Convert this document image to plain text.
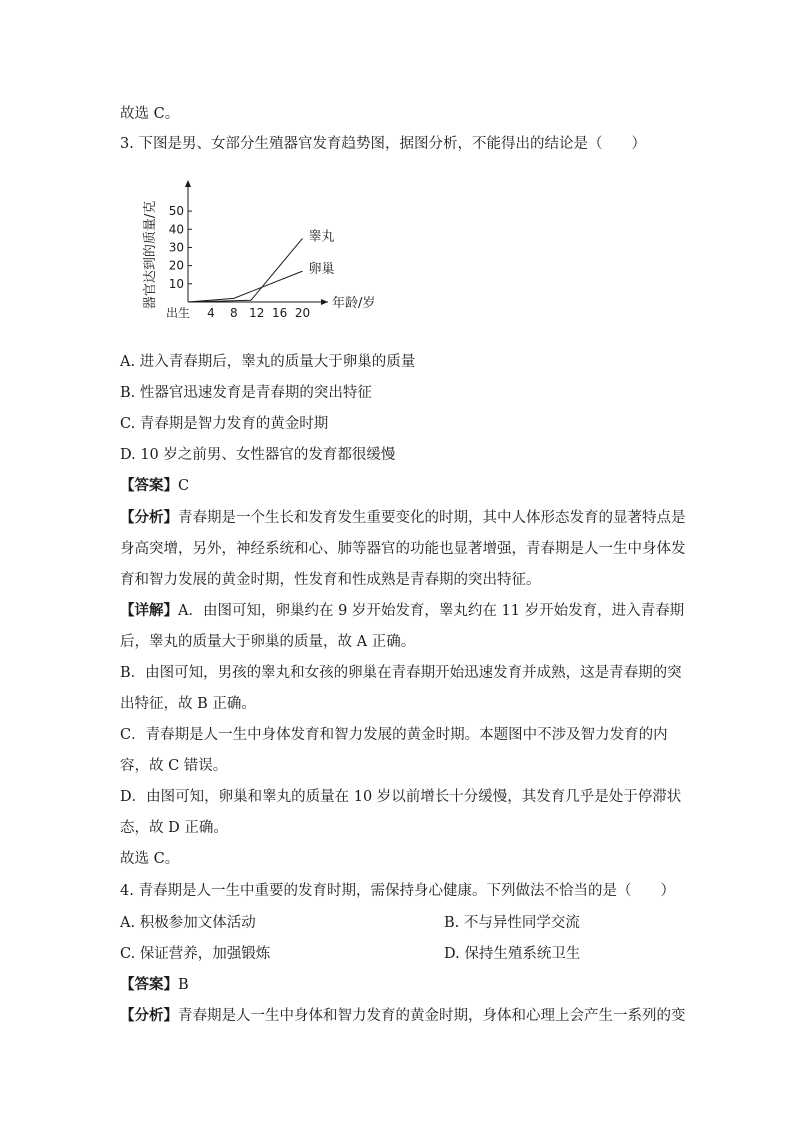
故选 C。
3. 下图是男、女部分生殖器官发育趋势图，据图分析，不能得出的结论是（　　）
10
20
30
40
50
出生 4 8 12 16 20
器官达到的质量/克	年龄/岁
睾丸
卵巢
A. 进入青春期后，睾丸的质量大于卵巢的质量
B. 性器官迅速发育是青春期的突出特征
C. 青春期是智力发育的黄金时期
D. 10 岁之前男、女性器官的发育都很缓慢
【答案】C
【分析】青春期是一个生长和发育发生重要变化的时期，其中人体形态发育的显著特点是
身高突增，另外，神经系统和心、肺等器官的功能也显著增强，青春期是人一生中身体发
育和智力发展的黄金时期，性发育和性成熟是青春期的突出特征。
【详解】A．由图可知，卵巢约在 9 岁开始发育，睾丸约在 11 岁开始发育，进入青春期
后，睾丸的质量大于卵巢的质量，故 A 正确。
B．由图可知，男孩的睾丸和女孩的卵巢在青春期开始迅速发育并成熟，这是青春期的突
出特征，故 B 正确。
C．青春期是人一生中身体发育和智力发展的黄金时期。本题图中不涉及智力发育的内
容，故 C 错误。
D．由图可知，卵巢和睾丸的质量在 10 岁以前增长十分缓慢，其发育几乎是处于停滞状
态，故 D 正确。
故选 C。
4. 青春期是人一生中重要的发育时期，需保持身心健康。下列做法不恰当的是（　　）
A. 积极参加文体活动	B. 不与异性同学交流
C. 保证营养，加强锻炼	D. 保持生殖系统卫生
【答案】B
【分析】青春期是人一生中身体和智力发育的黄金时期，身体和心理上会产生一系列的变
